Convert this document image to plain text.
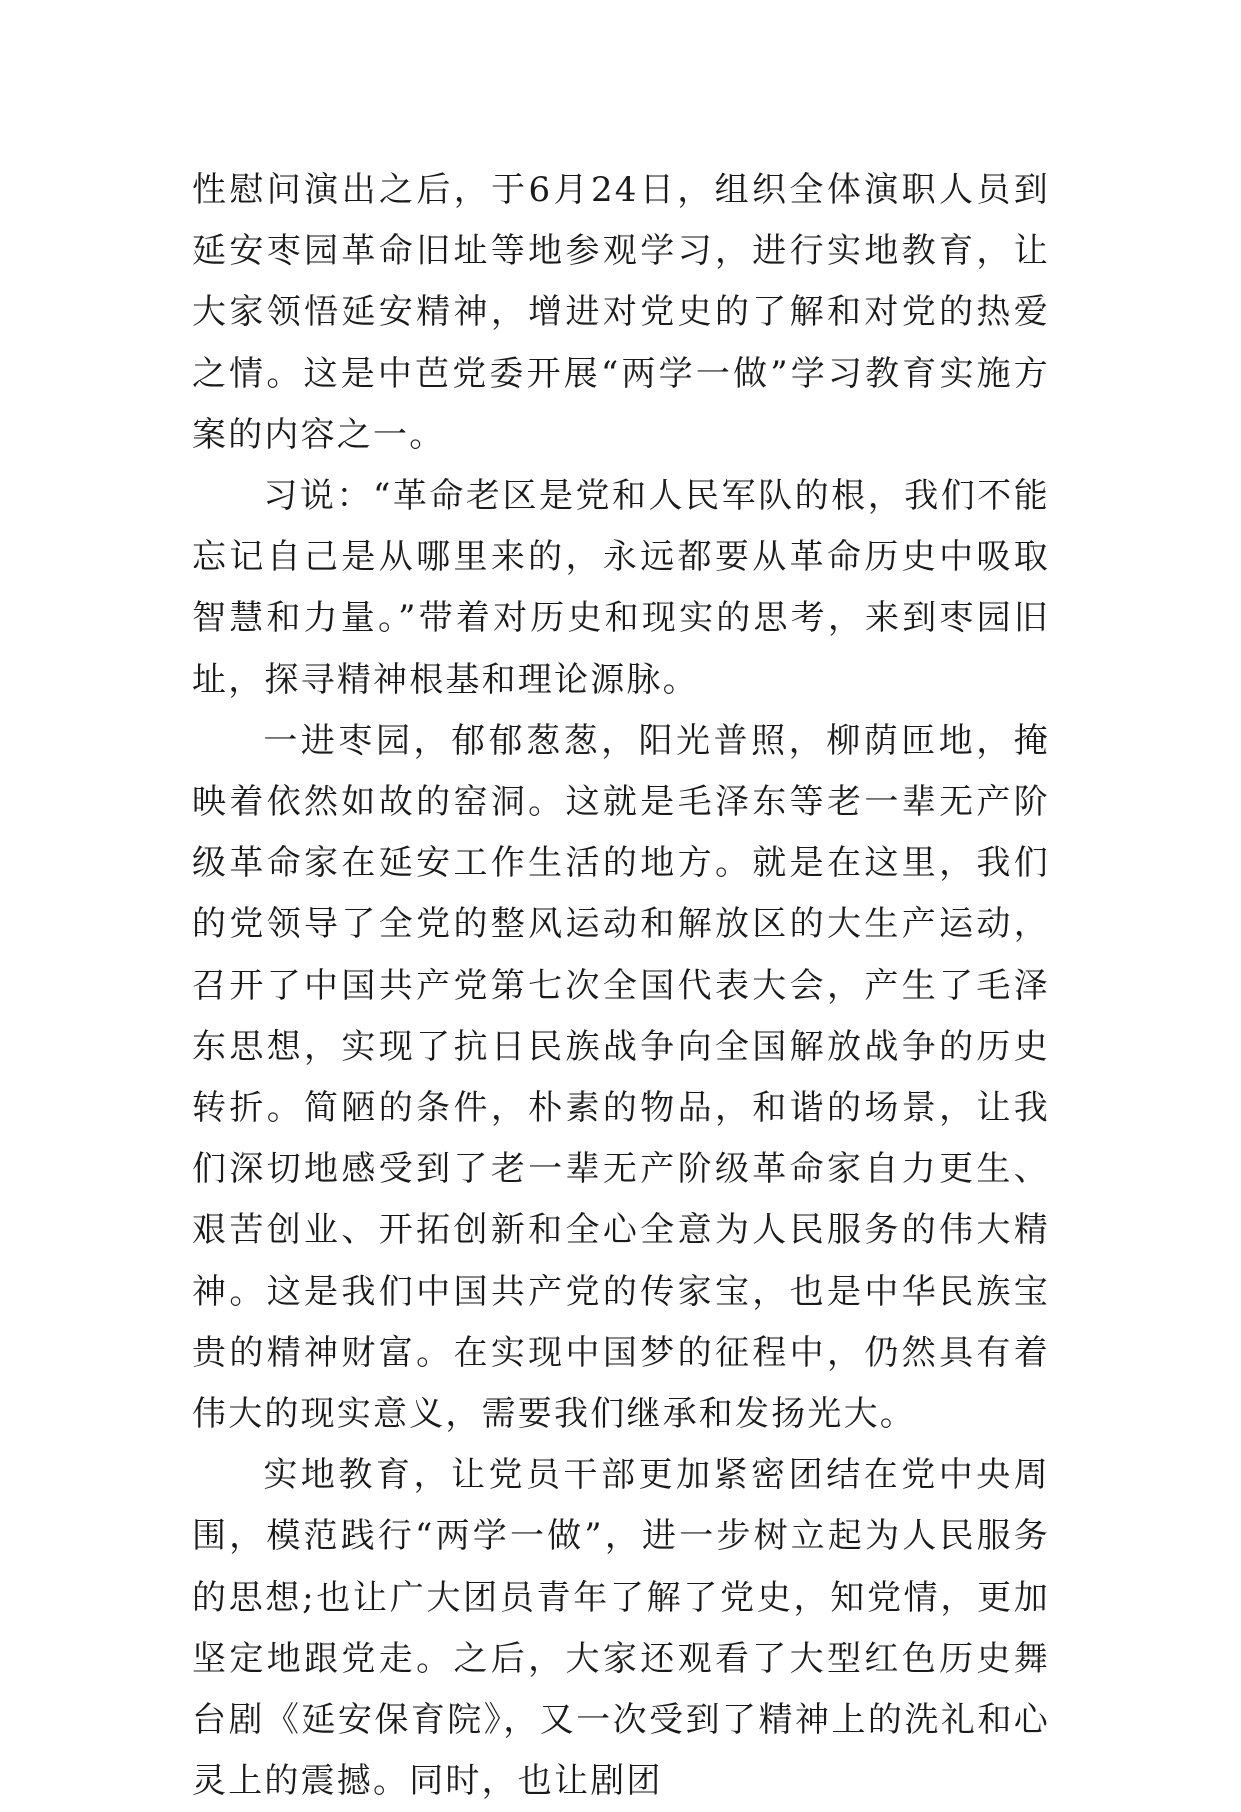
性慰问演出之后，于6月24日，组织全体演职人员到延安枣园革命旧址等地参观学习，进行实地教育，让大家领悟延安精神，增进对党史的了解和对党的热爱之情。这是中芭党委开展“两学一做”学习教育实施方案的内容之一。

习说：“革命老区是党和人民军队的根，我们不能忘记自己是从哪里来的，永远都要从革命历史中吸取智慧和力量。”带着对历史和现实的思考，来到枣园旧址，探寻精神根基和理论源脉。

一进枣园，郁郁葱葱，阳光普照，柳荫匝地，掩映着依然如故的窑洞。这就是毛泽东等老一辈无产阶级革命家在延安工作生活的地方。就是在这里，我们的党领导了全党的整风运动和解放区的大生产运动，召开了中国共产党第七次全国代表大会，产生了毛泽东思想，实现了抗日民族战争向全国解放战争的历史转折。简陋的条件，朴素的物品，和谐的场景，让我们深切地感受到了老一辈无产阶级革命家自力更生、艰苦创业、开拓创新和全心全意为人民服务的伟大精神。这是我们中国共产党的传家宝，也是中华民族宝贵的精神财富。在实现中国梦的征程中，仍然具有着伟大的现实意义，需要我们继承和发扬光大。

实地教育，让党员干部更加紧密团结在党中央周围，模范践行“两学一做”，进一步树立起为人民服务的思想;也让广大团员青年了解了党史，知党情，更加坚定地跟党走。之后，大家还观看了大型红色历史舞台剧《延安保育院》，又一次受到了精神上的洗礼和心灵上的震撼。同时，也让剧团
